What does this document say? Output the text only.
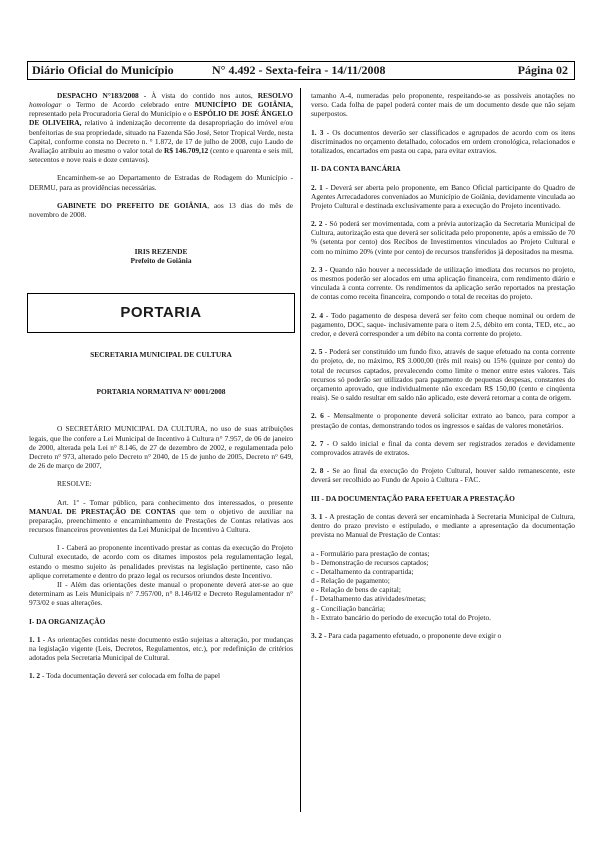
Diário Oficial do Município	N° 4.492 - Sexta-feira - 14/11/2008	Página 02

DESPACHO N°183/2008 - À vista do contido nos autos, RESOLVO homologar o Termo de Acordo celebrado entre MUNICÍPIO DE GOIÂNIA, representado pela Procuradoria Geral do Município e o ESPÓLIO DE JOSÉ ÂNGELO DE OLIVEIRA, relativo à indenização decorrente da desapropriação do imóvel e/ou benfeitorias de sua propriedade, situado na Fazenda São José, Setor Tropical Verde, nesta Capital, conforme consta no Decreto n. ° 1.872, de 17 de julho de 2008, cujo Laudo de Avaliação atribuiu ao mesmo o valor total de R$ 146.709,12 (cento e quarenta e seis mil, setecentos e nove reais e doze centavos).

Encaminhem-se ao Departamento de Estradas de Rodagem do Município - DERMU, para as providências necessárias.

GABINETE DO PREFEITO DE GOIÂNIA, aos 13 dias do mês de novembro de 2008.

IRIS REZENDE
Prefeito de Goiânia
PORTARIA
SECRETARIA MUNICIPAL DE CULTURA
PORTARIA NORMATIVA N° 0001/2008

O SECRETÁRIO MUNICIPAL DA CULTURA, no uso de suas atribuições legais, que lhe confere a Lei Municipal de Incentivo à Cultura n° 7.957, de 06 de janeiro de 2000, alterada pela Lei n° 8.146, de 27 de dezembro de 2002, e regulamentada pelo Decreto n° 973, alterado pelo Decreto n° 2040, de 15 de junho de 2005, Decreto n° 649, de 26 de março de 2007,

RESOLVE:

Art. 1º - Tomar público, para conhecimento dos interessados, o presente MANUAL DE PRESTAÇÃO DE CONTAS que tem o objetivo de auxiliar na preparação, preenchimento e encaminhamento de Prestações de Contas relativas aos recursos financeiros provenientes da Lei Municipal de Incentivo à Cultura.

I - Caberá ao proponente incentivado prestar as contas da execução do Projeto Cultural executado, de acordo com os ditames impostos pela regulamentação legal, estando o mesmo sujeito às penalidades previstas na legislação pertinente, caso não aplique corretamente e dentro do prazo legal os recursos oriundos deste Incentivo.

II - Além das orientações deste manual o proponente deverá ater-se ao que determinam as Leis Municipais n° 7.957/00, n° 8.146/02 e Decreto Regulamentador n° 973/02 e suas alterações.

I- DA ORGANIZAÇÃO

1. 1 - As orientações contidas neste documento estão sujeitas a alteração, por mudanças na legislação vigente (Leis, Decretos, Regulamentos, etc.), por redefinição de critérios adotados pela Secretaria Municipal de Cultural.

1. 2 - Toda documentação deverá ser colocada em folha de papel

tamanho A-4, numeradas pelo proponente, respeitando-se as possíveis anotações no verso. Cada folha de papel poderá conter mais de um documento desde que não sejam superpostos.

1. 3 - Os documentos deverão ser classificados e agrupados de acordo com os itens discriminados no orçamento detalhado, colocados em ordem cronológica, relacionados e totalizados, encartados em pasta ou capa, para evitar extravios.

II- DA CONTA BANCÁRIA

2. 1 - Deverá ser aberta pelo proponente, em Banco Oficial participante do Quadro de Agentes Arrecadadores conveniados ao Município de Goiânia, devidamente vinculada ao Projeto Cultural e destinada exclusivamente para a execução do Projeto incentivado.

2. 2 - Só poderá ser movimentada, com a prévia autorização da Secretaria Municipal de Cultura, autorização esta que deverá ser solicitada pelo proponente, após a emissão de 70 % (setenta por cento) dos Recibos de Investimentos vinculados ao Projeto Cultural e com no mínimo 20% (vinte por cento) de recursos transferidos já depositados na mesma.

2. 3 - Quando não houver a necessidade de utilização imediata dos recursos no projeto, os mesmos poderão ser alocados em uma aplicação financeira, com rendimento diário e vinculada à conta corrente. Os rendimentos da aplicação serão reportados na prestação de contas como receita financeira, compondo o total de receitas do projeto.

2. 4 - Todo pagamento de despesa deverá ser feito com cheque nominal ou ordem de pagamento, DOC, saque- inclusivamente para o item 2.5, débito em conta, TED, etc., ao credor, e deverá corresponder a um débito na conta corrente do projeto.

2. 5 - Poderá ser constituído um fundo fixo, através de saque efetuado na conta corrente do projeto, de, no máximo, R$ 3.000,00 (três mil reais) ou 15% (quinze por cento) do total de recursos captados, prevalecendo como limite o menor entre estes valores. Tais recursos só poderão ser utilizados para pagamento de pequenas despesas, constantes do orçamento aprovado, que individualmente não excedam R$ 150,00 (cento e cinqüenta reais). Se o saldo resultar em saldo não aplicado, este deverá retornar a conta de origem.

2. 6 - Mensalmente o proponente deverá solicitar extrato ao banco, para compor a prestação de contas, demonstrando todos os ingressos e saídas de valores monetários.

2. 7 - O saldo inicial e final da conta devem ser registrados zerados e devidamente comprovados através de extratos.

2. 8 - Se ao final da execução do Projeto Cultural, houver saldo remanescente, este deverá ser recolhido ao Fundo de Apoio à Cultura - FAC.

III - DA DOCUMENTAÇÃO PARA EFETUAR A PRESTAÇÃO

3. 1 - A prestação de contas deverá ser encaminhada à Secretaria Municipal de Cultura, dentro do prazo previsto e estipulado, e mediante a apresentação da documentação prevista no Manual de Prestação de Contas:

a - Formulário para prestação de contas;
b - Demonstração de recursos captados;
c - Detalhamento da contrapartida;
d - Relação de pagamento;
e - Relação de bens de capital;
f - Detalhamento das atividades/metas;
g - Conciliação bancária;
h - Extrato bancário do período de execução total do Projeto.

3. 2 - Para cada pagamento efetuado, o proponente deve exigir o
